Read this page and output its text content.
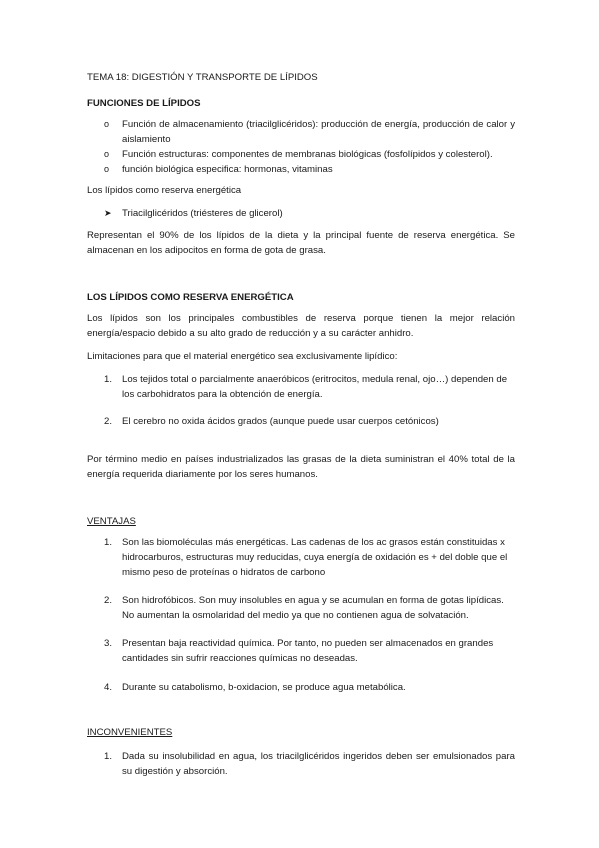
TEMA 18: DIGESTIÓN Y TRANSPORTE DE LÍPIDOS
FUNCIONES DE LÍPIDOS
o Función de almacenamiento (triacilglicéridos): producción de energía, producción de calor y aislamiento
o Función estructuras: componentes de membranas biológicas (fosfolípidos y colesterol).
o función biológica especifica: hormonas, vitaminas
Los lípidos como reserva energética
➤ Triacilglicéridos (triésteres de glicerol)
Representan el 90% de los lípidos de la dieta y la principal fuente de reserva energética. Se almacenan en los adipocitos en forma de gota de grasa.
LOS LÍPIDOS COMO RESERVA ENERGÉTICA
Los lípidos son los principales combustibles de reserva porque tienen la mejor relación energía/espacio debido a su alto grado de reducción y a su carácter anhidro.
Limitaciones para que el material energético sea exclusivamente lipídico:
1. Los tejidos total o parcialmente anaeróbicos (eritrocitos, medula renal, ojo…) dependen de los carbohidratos para la obtención de energía.
2. El cerebro no oxida ácidos grados (aunque puede usar cuerpos cetónicos)
Por término medio en países industrializados las grasas de la dieta suministran el 40% total de la energía requerida diariamente por los seres humanos.
VENTAJAS
1. Son las biomoléculas más energéticas. Las cadenas de los ac grasos están constituidas x hidrocarburos, estructuras muy reducidas, cuya energía de oxidación es + del doble que el mismo peso de proteínas o hidratos de carbono
2. Son hidrofóbicos. Son muy insolubles en agua y se acumulan en forma de gotas lipídicas. No aumentan la osmolaridad del medio ya que no contienen agua de solvatación.
3. Presentan baja reactividad química. Por tanto, no pueden ser almacenados en grandes cantidades sin sufrir reacciones químicas no deseadas.
4. Durante su catabolismo, b-oxidacion, se produce agua metabólica.
INCONVENIENTES
1. Dada su insolubilidad en agua, los triacilglicéridos ingeridos deben ser emulsionados para su digestión y absorción.
